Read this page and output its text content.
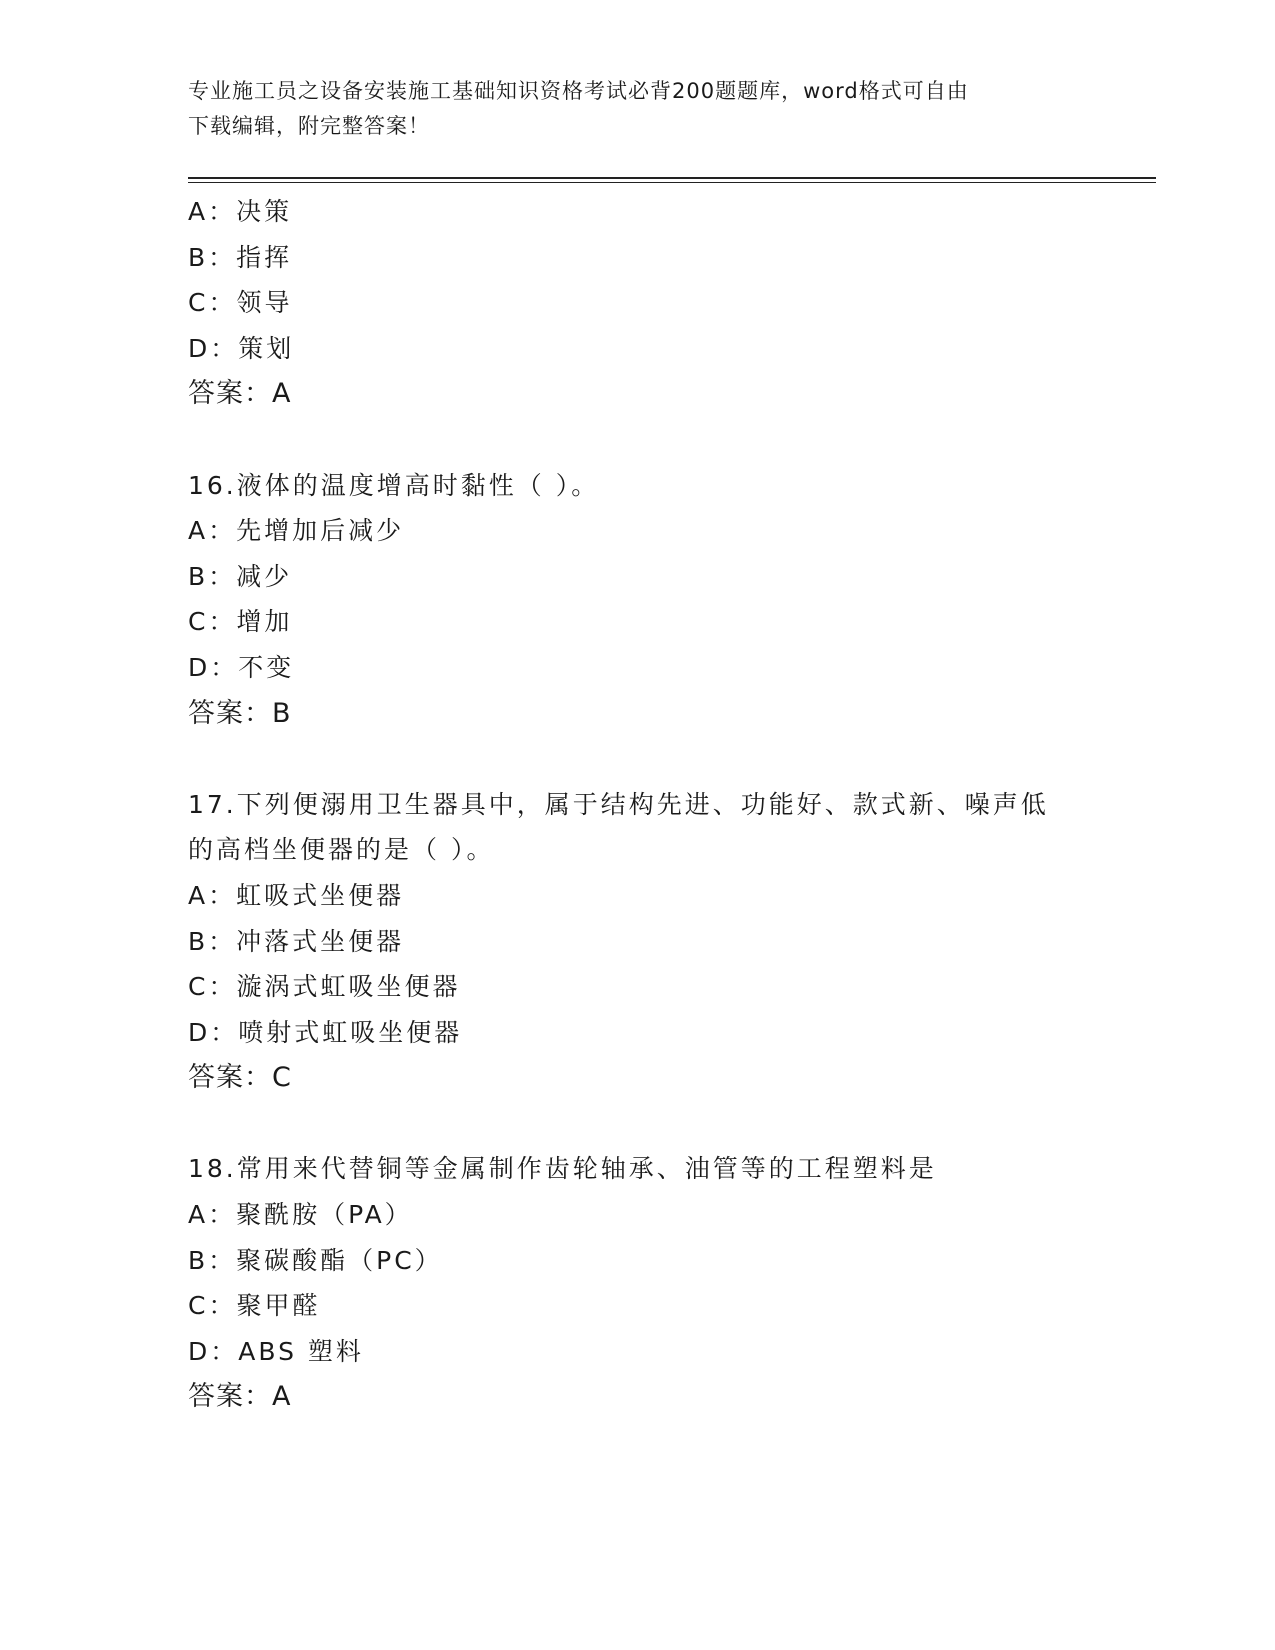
专业施工员之设备安装施工基础知识资格考试必背200题题库，word格式可自由
下载编辑，附完整答案！
A：决策
B：指挥
C：领导
D：策划
答案：A
16.液体的温度增高时黏性（ ）。
A：先增加后减少
B：减少
C：增加
D：不变
答案：B
17.下列便溺用卫生器具中，属于结构先进、功能好、款式新、噪声低
的高档坐便器的是（ ）。
A：虹吸式坐便器
B：冲落式坐便器
C：漩涡式虹吸坐便器
D：喷射式虹吸坐便器
答案：C
18.常用来代替铜等金属制作齿轮轴承、油管等的工程塑料是
A：聚酰胺（PA）
B：聚碳酸酯（PC）
C：聚甲醛
D：ABS 塑料
答案：A
